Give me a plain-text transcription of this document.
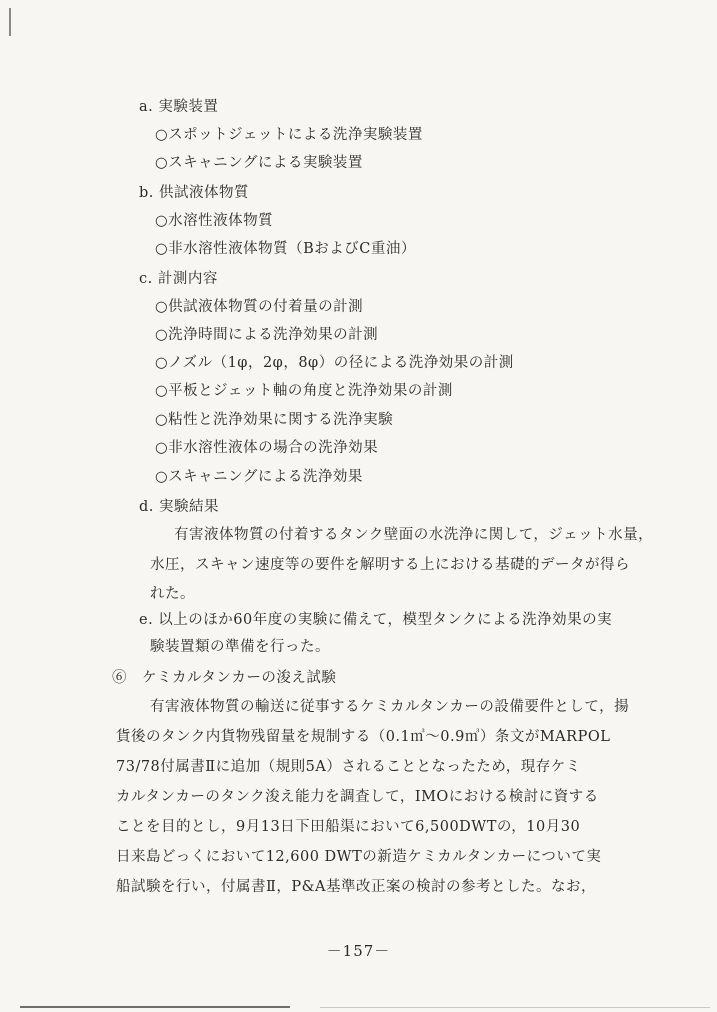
a. 実験装置
○スポットジェットによる洗浄実験装置
○スキャニングによる実験装置
b. 供試液体物質
○水溶性液体物質
○非水溶性液体物質（BおよびC重油）
c. 計測内容
○供試液体物質の付着量の計測
○洗浄時間による洗浄効果の計測
○ノズル（1φ，2φ，8φ）の径による洗浄効果の計測
○平板とジェット軸の角度と洗浄効果の計測
○粘性と洗浄効果に関する洗浄実験
○非水溶性液体の場合の洗浄効果
○スキャニングによる洗浄効果
d. 実験結果
有害液体物質の付着するタンク壁面の水洗浄に関して，ジェット水量，
水圧，スキャン速度等の要件を解明する上における基礎的データが得ら
れた。
e. 以上のほか60年度の実験に備えて，模型タンクによる洗浄効果の実
験装置類の準備を行った。
⑥　ケミカルタンカーの浚え試験
有害液体物質の輸送に従事するケミカルタンカーの設備要件として，揚
貨後のタンク内貨物残留量を規制する（0.1㎥〜0.9㎥）条文がMARPOL
73/78付属書Ⅱに追加（規則5A）されることとなったため，現存ケミ
カルタンカーのタンク浚え能力を調査して，IMOにおける検討に資する
ことを目的とし，9月13日下田船渠において6,500DWTの，10月30
日来島どっくにおいて12,600 DWTの新造ケミカルタンカーについて実
船試験を行い，付属書Ⅱ，P&A基準改正案の検討の参考とした。なお，
－157－
